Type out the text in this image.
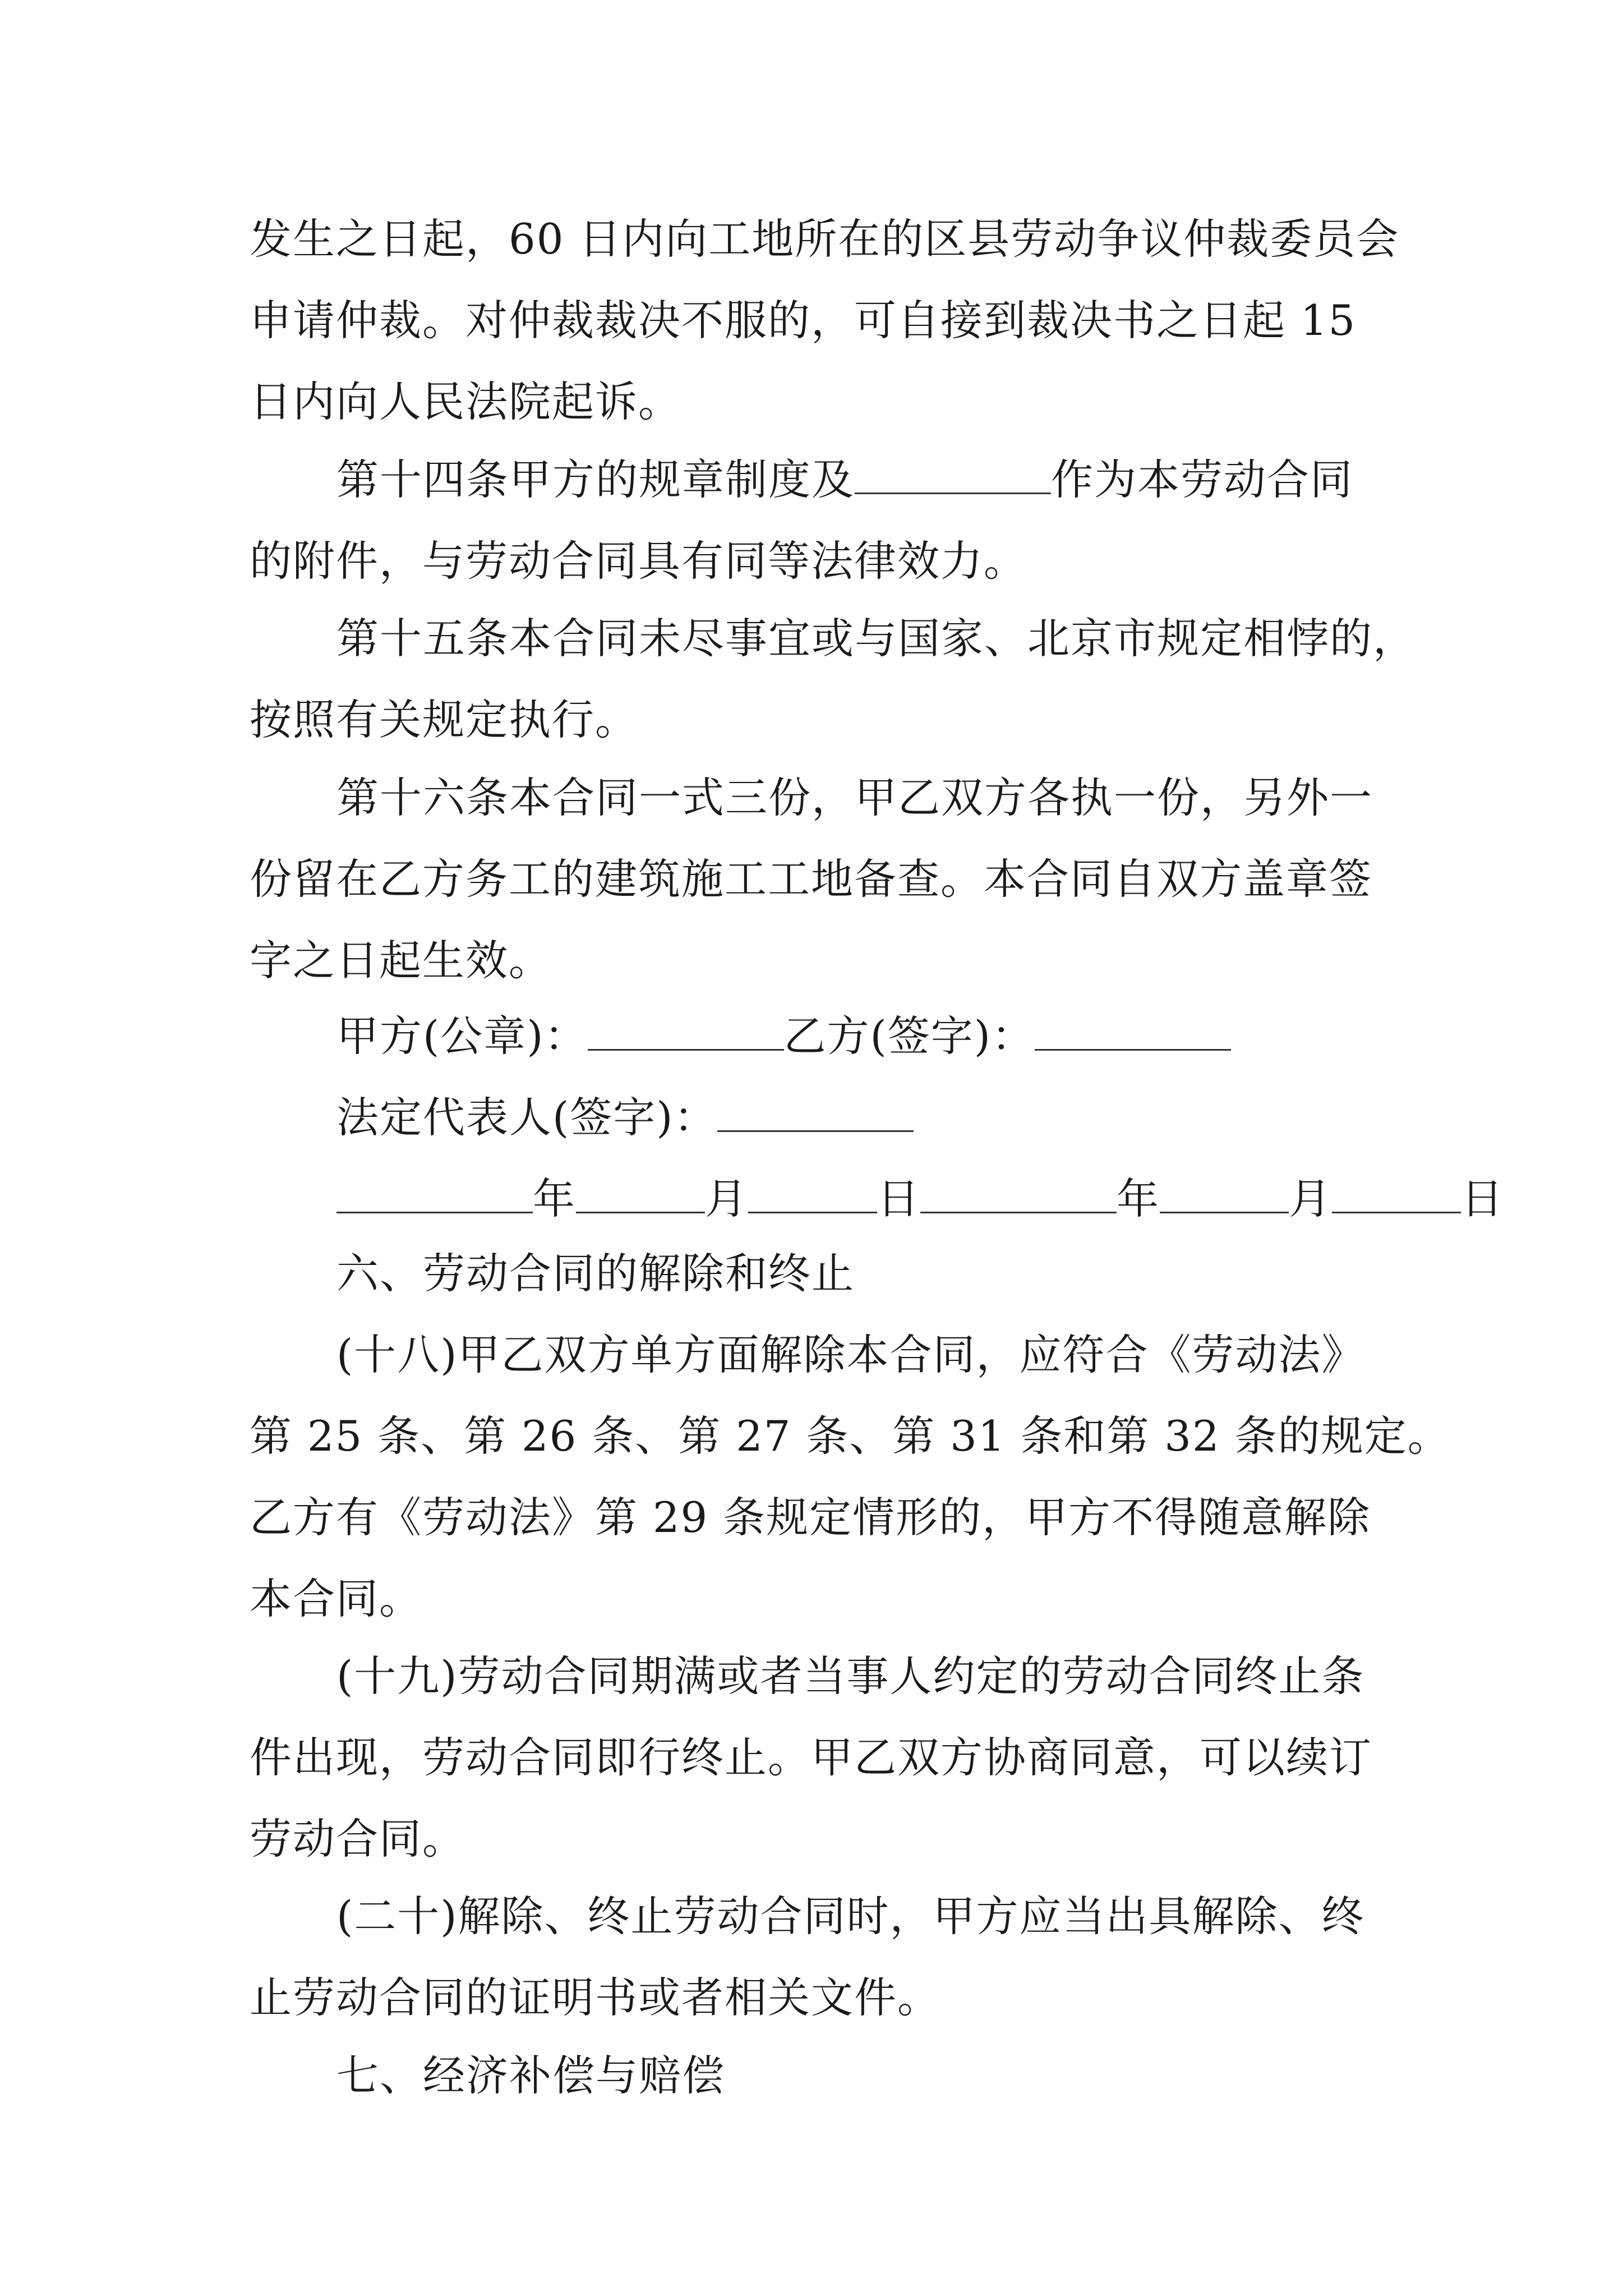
发生之日起，60 日内向工地所在的区县劳动争议仲裁委员会
申请仲裁。对仲裁裁决不服的，可自接到裁决书之日起 15
日内向人民法院起诉。
第十四条甲方的规章制度及	作为本劳动合同
的附件，与劳动合同具有同等法律效力。
第十五条本合同未尽事宜或与国家、北京市规定相悖的，
按照有关规定执行。
第十六条本合同一式三份，甲乙双方各执一份，另外一
份留在乙方务工的建筑施工工地备查。本合同自双方盖章签
字之日起生效。
甲方(公章)：	乙方(签字)：
法定代表人(签字)：
年	月	日	年	月	日
六、劳动合同的解除和终止
(十八)甲乙双方单方面解除本合同，应符合《劳动法》
第 25 条、第 26 条、第 27 条、第 31 条和第 32 条的规定。
乙方有《劳动法》第 29 条规定情形的，甲方不得随意解除
本合同。
(十九)劳动合同期满或者当事人约定的劳动合同终止条
件出现，劳动合同即行终止。甲乙双方协商同意，可以续订
劳动合同。
(二十)解除、终止劳动合同时，甲方应当出具解除、终
止劳动合同的证明书或者相关文件。
七、经济补偿与赔偿
